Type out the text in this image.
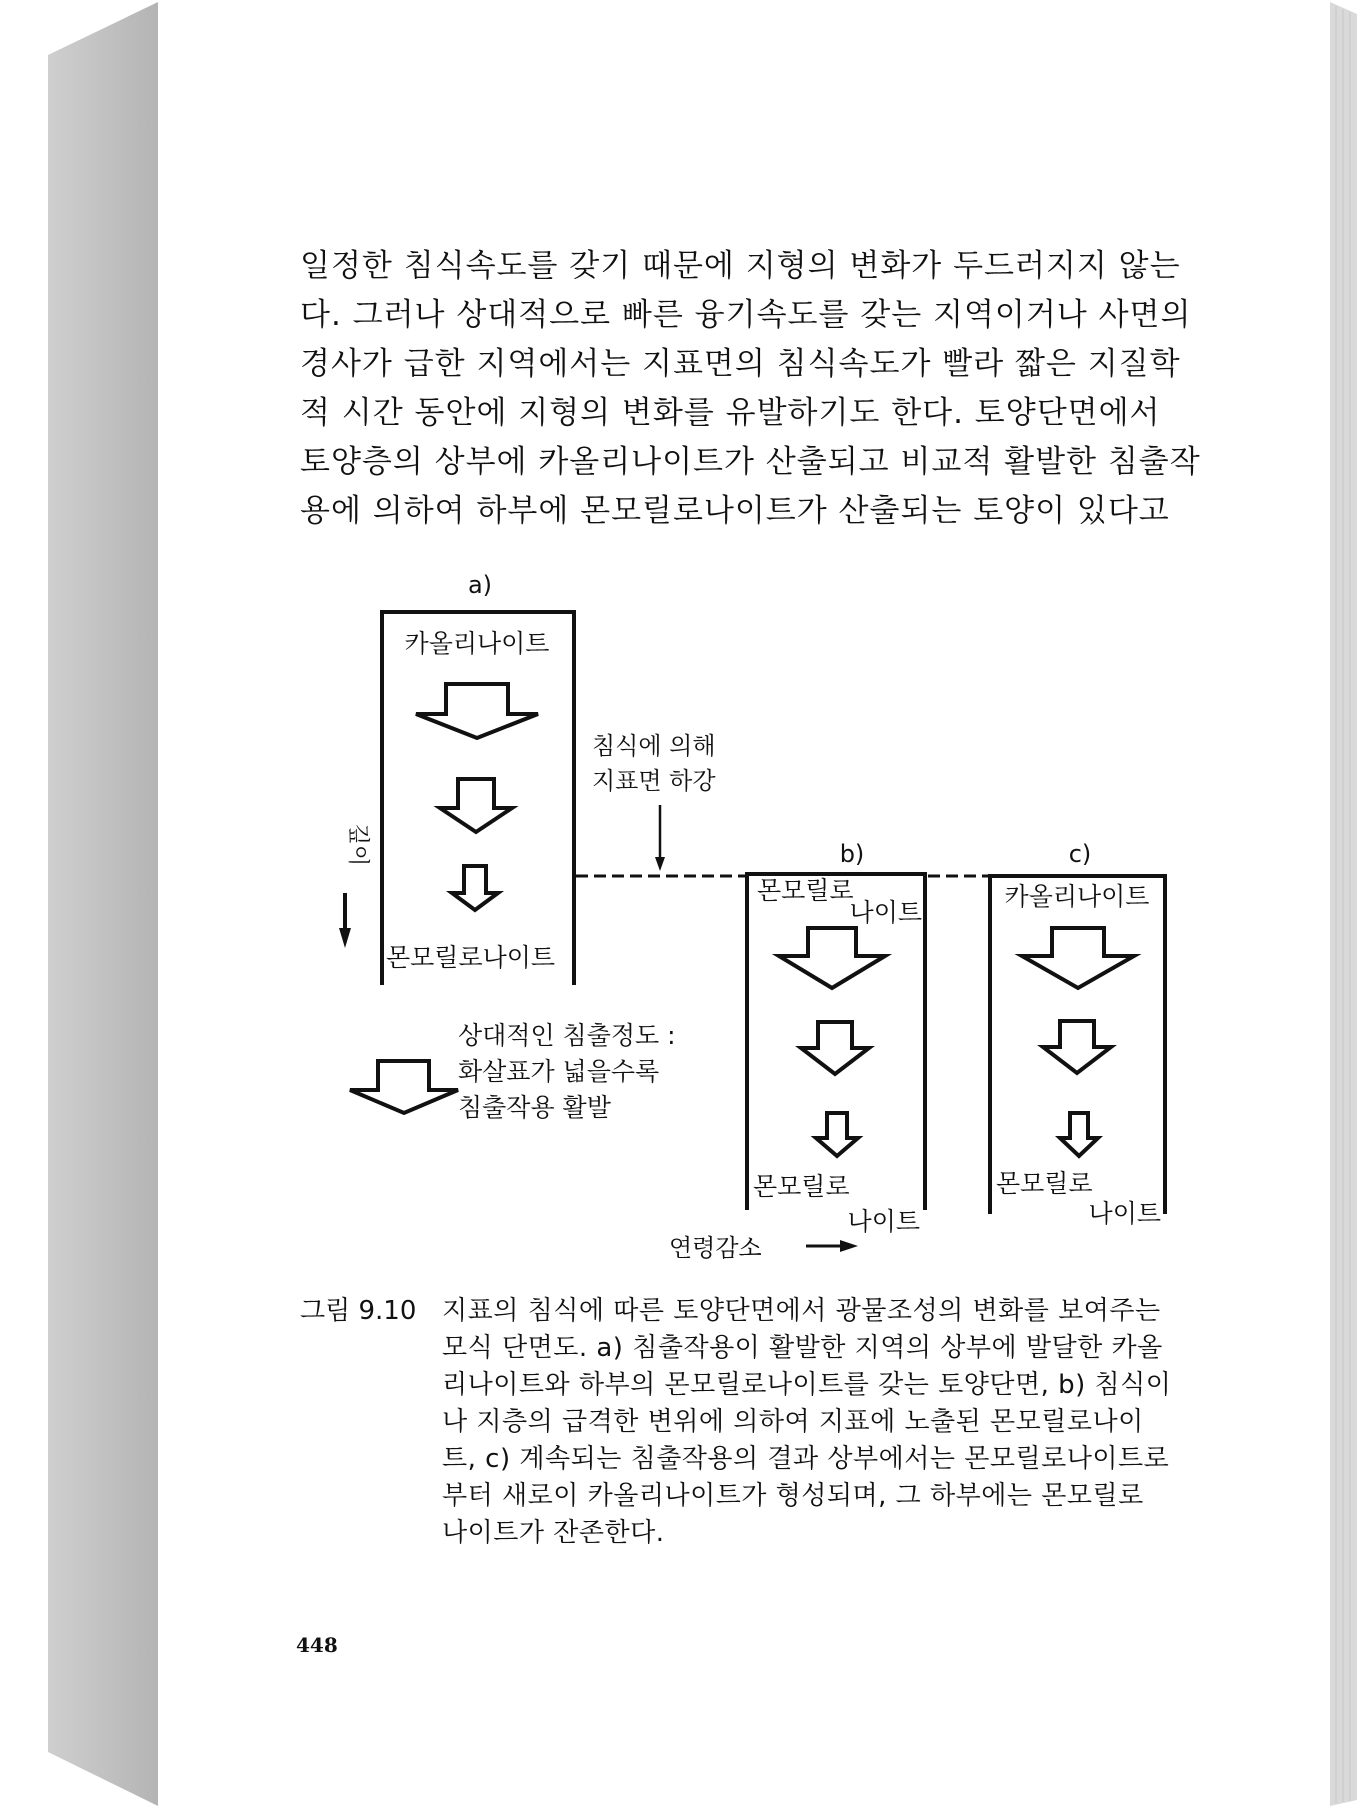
일정한 침식속도를 갖기 때문에 지형의 변화가 두드러지지 않는
다. 그러나 상대적으로 빠른 융기속도를 갖는 지역이거나 사면의
경사가 급한 지역에서는 지표면의 침식속도가 빨라 짧은 지질학
적 시간 동안에 지형의 변화를 유발하기도 한다. 토양단면에서
토양층의 상부에 카올리나이트가 산출되고 비교적 활발한 침출작
용에 의하여 하부에 몬모릴로나이트가 산출되는 토양이 있다고
a)
카올리나이트
몬모릴로나이트
깊이
침식에 의해
지표면 하강
b)
몬모릴로
나이트
몬모릴로
나이트
c)
카올리나이트
몬모릴로
나이트
상대적인 침출정도 :
화살표가 넓을수록
침출작용 활발
연령감소
그림 9.10 지표의 침식에 따른 토양단면에서 광물조성의 변화를 보여주는
모식 단면도. a) 침출작용이 활발한 지역의 상부에 발달한 카올
리나이트와 하부의 몬모릴로나이트를 갖는 토양단면, b) 침식이
나 지층의 급격한 변위에 의하여 지표에 노출된 몬모릴로나이
트, c) 계속되는 침출작용의 결과 상부에서는 몬모릴로나이트로
부터 새로이 카올리나이트가 형성되며, 그 하부에는 몬모릴로
나이트가 잔존한다.
448
